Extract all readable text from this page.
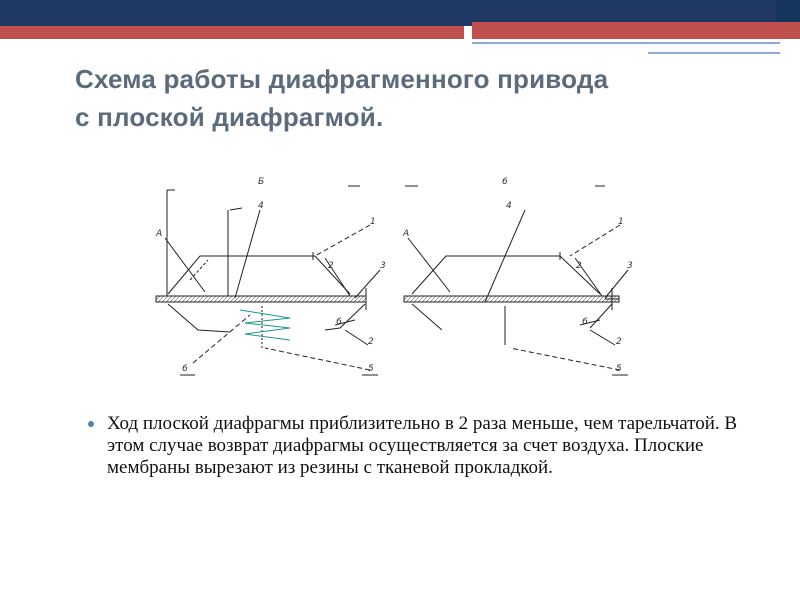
Схема работы диафрагменного привода
с плоской диафрагмой.
Б
4
1
А
2	3
6
2
6	5
6
4
1
А
2	3
6
2
5
Ход плоской диафрагмы приблизительно в 2 раза меньше, чем тарельчатой. В этом случае возврат диафрагмы осуществляется за счет воздуха. Плоские мембраны вырезают из резины с тканевой прокладкой.
